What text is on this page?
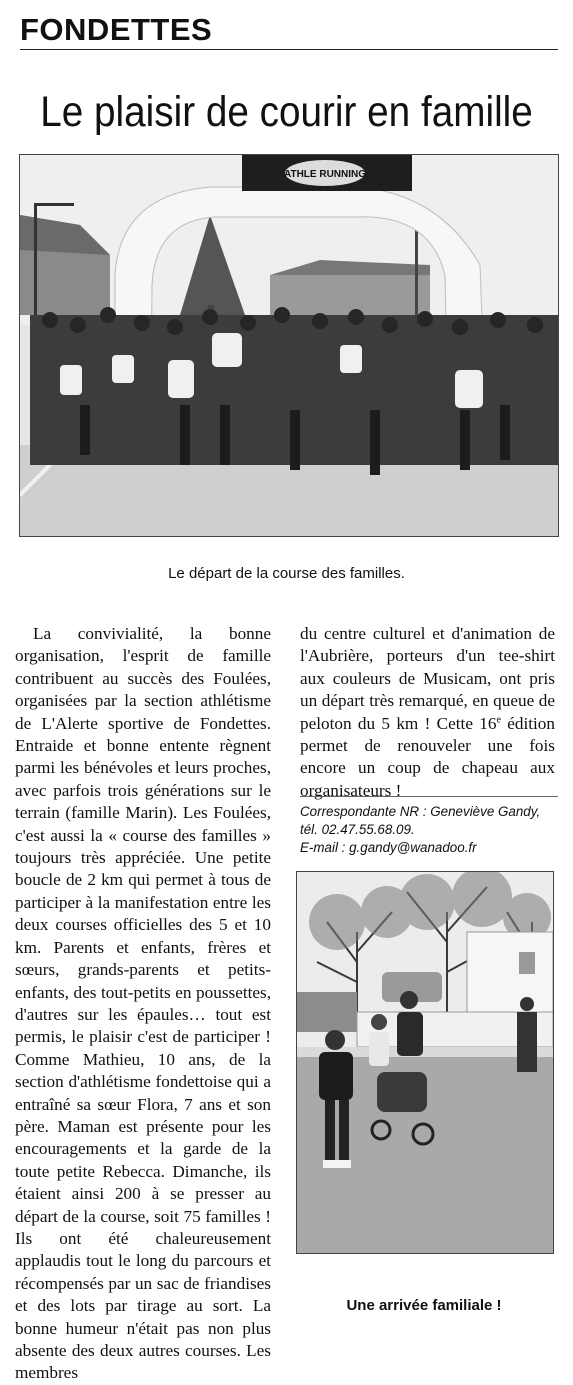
FONDETTES
Le plaisir de courir en famille
ATHLE RUNNING
Le départ de la course des familles.

La convivialité, la bonne organisation, l'esprit de famille contribuent au succès des Foulées, organisées par la section athlétisme de L'Alerte sportive de Fondettes. Entraide et bonne entente règnent parmi les bénévoles et leurs proches, avec parfois trois générations sur le terrain (famille Marin). Les Foulées, c'est aussi la « course des familles » toujours très appréciée. Une petite boucle de 2 km qui permet à tous de participer à la manifestation entre les deux courses officielles des 5 et 10 km. Parents et enfants, frères et sœurs, grands-parents et petits-enfants, des tout-petits en poussettes, d'autres sur les épaules… tout est permis, le plaisir c'est de participer ! Comme Mathieu, 10 ans, de la section d'athlétisme fondettoise qui a entraîné sa sœur Flora, 7 ans et son père. Maman est présente pour les encouragements et la garde de la toute petite Rebecca. Dimanche, ils étaient ainsi 200 à se presser au départ de la course, soit 75 familles ! Ils ont été chaleureusement applaudis tout le long du parcours et récompensés par un sac de friandises et des lots par tirage au sort. La bonne humeur n'était pas non plus absente des deux autres courses. Les membres

du centre culturel et d'animation de l'Aubrière, porteurs d'un tee-shirt aux couleurs de Musicam, ont pris un départ très remarqué, en queue de peloton du 5 km ! Cette 16e édition permet de renouveler une fois encore un coup de chapeau aux organisateurs !

Correspondante NR : Geneviève Gandy,
tél. 02.47.55.68.09.
E-mail : g.gandy@wanadoo.fr
Une arrivée familiale !
